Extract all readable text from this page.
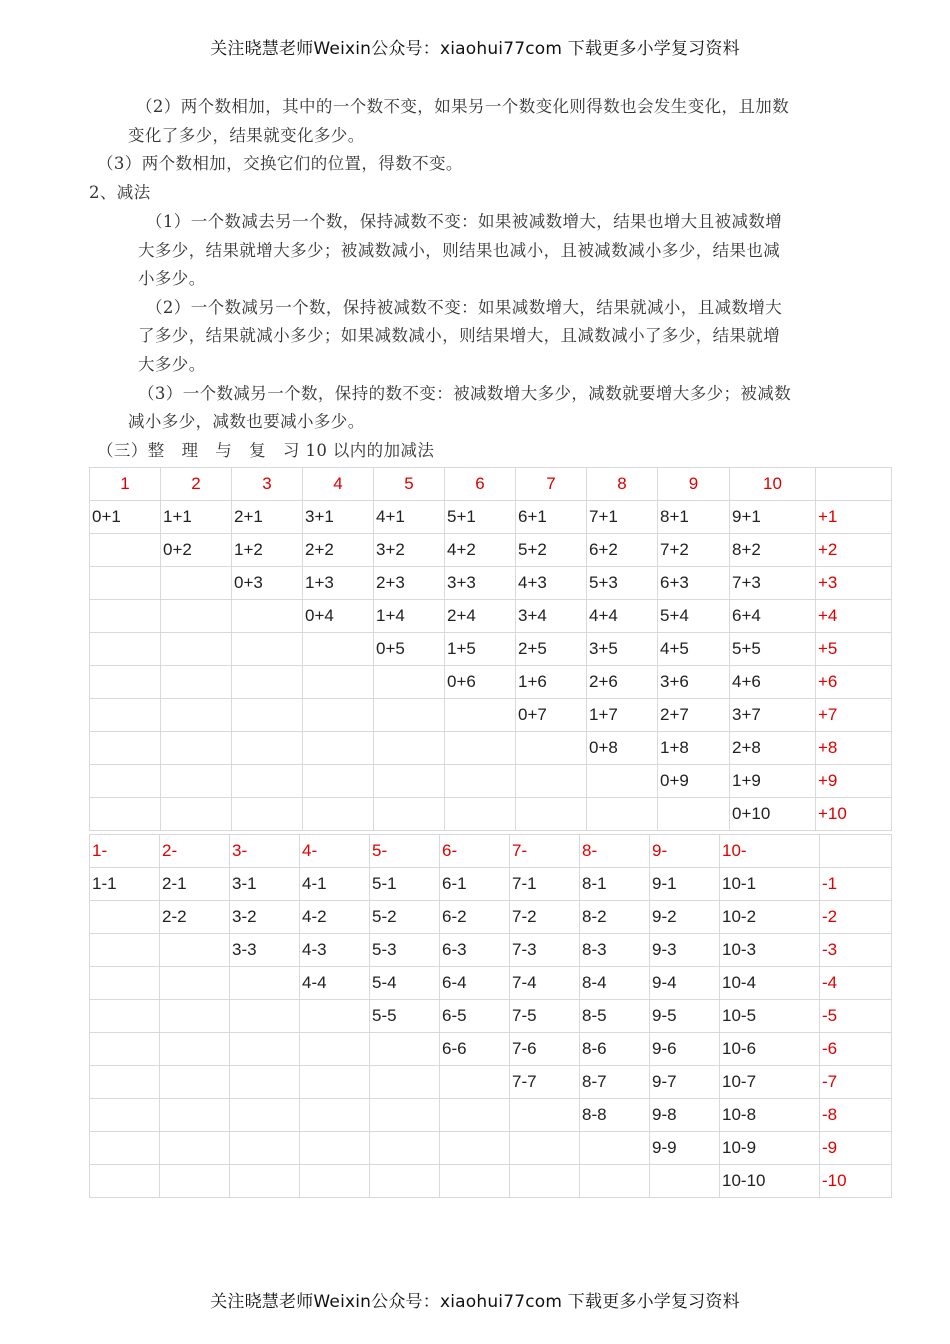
关注晓慧老师Weixin公众号：xiaohui77com 下载更多小学复习资料
（2）两个数相加，其中的一个数不变，如果另一个数变化则得数也会发生变化，且加数
变化了多少，结果就变化多少。
（3）两个数相加，交换它们的位置，得数不变。
2、减法
（1）一个数减去另一个数，保持减数不变：如果被减数增大，结果也增大且被减数增
大多少，结果就增大多少；被减数减小，则结果也减小，且被减数减小多少，结果也减
小多少。
（2）一个数减另一个数，保持被减数不变：如果减数增大，结果就减小，且减数增大
了多少，结果就减小多少；如果减数减小，则结果增大，且减数减小了多少，结果就增
大多少。
（3）一个数减另一个数，保持的数不变：被减数增大多少，减数就要增大多少；被减数
减小多少，减数也要减小多少。
（三）整　理　与　复　习 10 以内的加减法
1	2	3	4	5	6	7	8	9	10	
0+1	1+1	2+1	3+1	4+1	5+1	6+1	7+1	8+1	9+1	+1
	0+2	1+2	2+2	3+2	4+2	5+2	6+2	7+2	8+2	+2
		0+3	1+3	2+3	3+3	4+3	5+3	6+3	7+3	+3
			0+4	1+4	2+4	3+4	4+4	5+4	6+4	+4
				0+5	1+5	2+5	3+5	4+5	5+5	+5
					0+6	1+6	2+6	3+6	4+6	+6
						0+7	1+7	2+7	3+7	+7
							0+8	1+8	2+8	+8
								0+9	1+9	+9
									0+10	+10
1-	2-	3-	4-	5-	6-	7-	8-	9-	10-	
1-1	2-1	3-1	4-1	5-1	6-1	7-1	8-1	9-1	10-1	-1
	2-2	3-2	4-2	5-2	6-2	7-2	8-2	9-2	10-2	-2
		3-3	4-3	5-3	6-3	7-3	8-3	9-3	10-3	-3
			4-4	5-4	6-4	7-4	8-4	9-4	10-4	-4
				5-5	6-5	7-5	8-5	9-5	10-5	-5
					6-6	7-6	8-6	9-6	10-6	-6
						7-7	8-7	9-7	10-7	-7
							8-8	9-8	10-8	-8
								9-9	10-9	-9
									10-10	-10
关注晓慧老师Weixin公众号：xiaohui77com 下载更多小学复习资料
